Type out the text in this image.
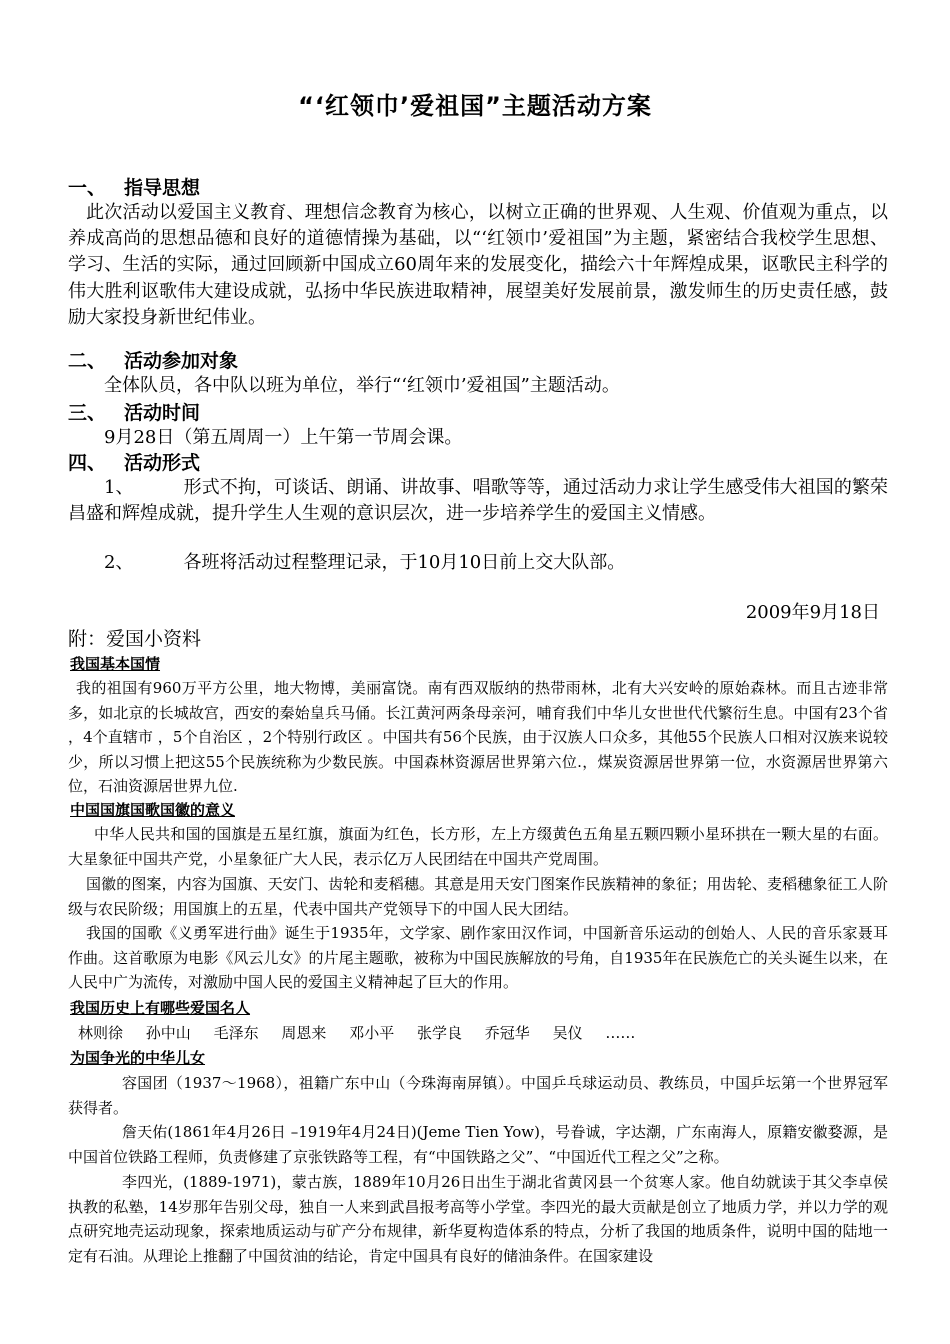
“‘红领巾’爱祖国”主题活动方案
一、 指导思想
此次活动以爱国主义教育、理想信念教育为核心，以树立正确的世界观、人生观、价值观为重点，以养成高尚的思想品德和良好的道德情操为基础，以“‘红领巾’爱祖国”为主题，紧密结合我校学生思想、学习、生活的实际，通过回顾新中国成立60周年来的发展变化，描绘六十年辉煌成果，讴歌民主科学的伟大胜利讴歌伟大建设成就，弘扬中华民族进取精神，展望美好发展前景，激发师生的历史责任感，鼓励大家投身新世纪伟业。
二、 活动参加对象
全体队员，各中队以班为单位，举行“‘红领巾’爱祖国”主题活动。
三、 活动时间
9月28日（第五周周一）上午第一节周会课。
四、 活动形式
1、	形式不拘，可谈话、朗诵、讲故事、唱歌等等，通过活动力求让学生感受伟大祖国的繁荣昌盛和辉煌成就，提升学生人生观的意识层次，进一步培养学生的爱国主义情感。
2、	各班将活动过程整理记录，于10月10日前上交大队部。
2009年9月18日
附：爱国小资料
我国基本国情
我的祖国有960万平方公里，地大物博，美丽富饶。南有西双版纳的热带雨林，北有大兴安岭的原始森林。而且古迹非常多，如北京的长城故宫，西安的秦始皇兵马俑。长江黄河两条母亲河，哺育我们中华儿女世世代代繁衍生息。中国有23个省 ，4个直辖市 ，5个自治区 ，2个特别行政区 。中国共有56个民族，由于汉族人口众多，其他55个民族人口相对汉族来说较少，所以习惯上把这55个民族统称为少数民族。中国森林资源居世界第六位.，煤炭资源居世界第一位，水资源居世界第六位，石油资源居世界九位.
中国国旗国歌国徽的意义
中华人民共和国的国旗是五星红旗，旗面为红色，长方形，左上方缀黄色五角星五颗四颗小星环拱在一颗大星的右面。大星象征中国共产党，小星象征广大人民，表示亿万人民团结在中国共产党周围。
国徽的图案，内容为国旗、天安门、齿轮和麦稻穗。其意是用天安门图案作民族精神的象征；用齿轮、麦稻穗象征工人阶级与农民阶级；用国旗上的五星，代表中国共产党领导下的中国人民大团结。
我国的国歌《义勇军进行曲》诞生于1935年，文学家、剧作家田汉作词，中国新音乐运动的创始人、人民的音乐家聂耳作曲。这首歌原为电影《风云儿女》的片尾主题歌，被称为中国民族解放的号角，自1935年在民族危亡的关头诞生以来，在人民中广为流传，对激励中国人民的爱国主义精神起了巨大的作用。
我国历史上有哪些爱国名人
林则徐 孙中山 毛泽东 周恩来 邓小平 张学良 乔冠华 吴仪 ……
为国争光的中华儿女
容国团（1937～1968），祖籍广东中山（今珠海南屏镇）。中国乒乓球运动员、教练员，中国乒坛第一个世界冠军获得者。
詹天佑(1861年4月26日 –1919年4月24日)(Jeme Tien Yow)，号眷诚，字达潮，广东南海人，原籍安徽婺源，是中国首位铁路工程师，负责修建了京张铁路等工程，有“中国铁路之父”、“中国近代工程之父”之称。
李四光，(1889-1971)，蒙古族，1889年10月26日出生于湖北省黄冈县一个贫寒人家。他自幼就读于其父李卓侯执教的私塾，14岁那年告别父母，独自一人来到武昌报考高等小学堂。李四光的最大贡献是创立了地质力学，并以力学的观点研究地壳运动现象，探索地质运动与矿产分布规律，新华夏构造体系的特点，分析了我国的地质条件，说明中国的陆地一定有石油。从理论上推翻了中国贫油的结论，肯定中国具有良好的储油条件。在国家建设
